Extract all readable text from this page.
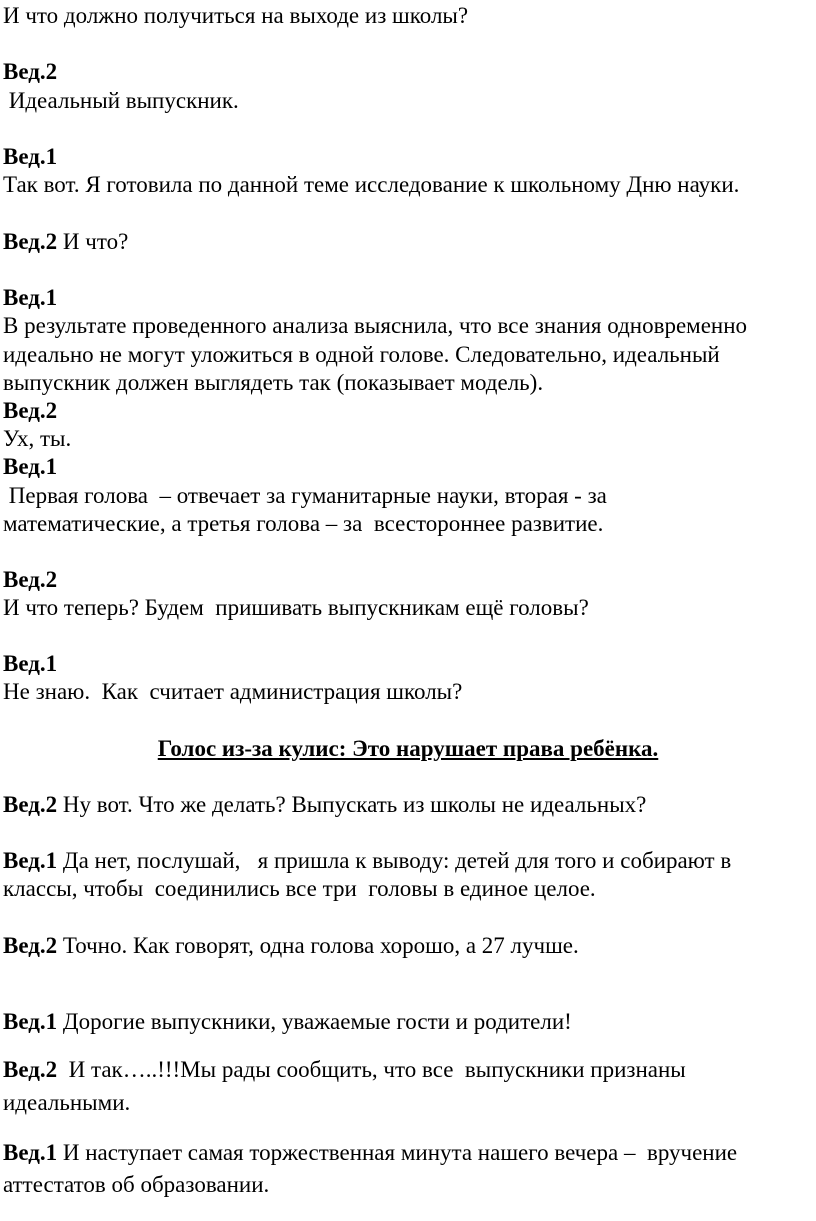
И что должно получиться на выходе из школы?
Вед.2
Идеальный выпускник.
Вед.1
Так вот. Я готовила по данной теме исследование к школьному Дню науки.
Вед.2 И что?
Вед.1
В результате проведенного анализа выяснила, что все знания одновременно
идеально не могут уложиться в одной голове. Следовательно, идеальный
выпускник должен выглядеть так (показывает модель).
Вед.2
Ух, ты.
Вед.1
Первая голова  – отвечает за гуманитарные науки, вторая - за
математические, а третья голова – за  всестороннее развитие.
Вед.2
И что теперь? Будем  пришивать выпускникам ещё головы?
Вед.1
Не знаю.  Как  считает администрация школы?
Голос из-за кулис: Это нарушает права ребёнка.
Вед.2 Ну вот. Что же делать? Выпускать из школы не идеальных?
Вед.1 Да нет, послушай,   я пришла к выводу: детей для того и собирают в
классы, чтобы  соединились все три  головы в единое целое.
Вед.2 Точно. Как говорят, одна голова хорошо, а 27 лучше.
Вед.1 Дорогие выпускники, уважаемые гости и родители!
Вед.2  И так…..!!!Мы рады сообщить, что все  выпускники признаны
идеальными.
Вед.1 И наступает самая торжественная минута нашего вечера –  вручение
аттестатов об образовании.
